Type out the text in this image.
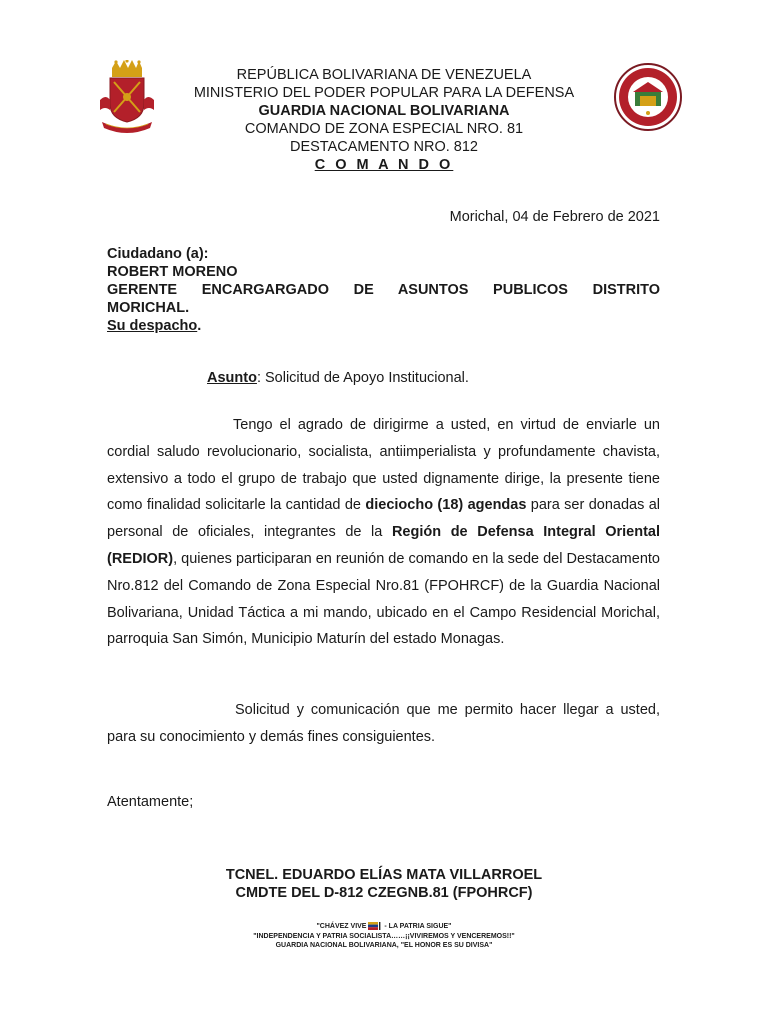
REPÚBLICA BOLIVARIANA DE VENEZUELA
MINISTERIO DEL PODER POPULAR PARA LA DEFENSA
GUARDIA NACIONAL BOLIVARIANA
COMANDO DE ZONA ESPECIAL NRO. 81
DESTACAMENTO NRO. 812
C O M A N D O
Morichal, 04 de Febrero de 2021
Ciudadano (a):
ROBERT MORENO
GERENTE ENCARGARGADO DE ASUNTOS PUBLICOS DISTRITO
MORICHAL.
Su despacho.
Asunto: Solicitud de Apoyo Institucional.
Tengo el agrado de dirigirme a usted, en virtud de enviarle un cordial saludo revolucionario, socialista, antiimperialista y profundamente chavista, extensivo a todo el grupo de trabajo que usted dignamente dirige, la presente tiene como finalidad solicitarle la cantidad de dieciocho (18) agendas para ser donadas al personal de oficiales, integrantes de la Región de Defensa Integral Oriental (REDIOR), quienes participaran en reunión de comando en la sede del Destacamento Nro.812 del Comando de Zona Especial Nro.81 (FPOHRCF) de la Guardia Nacional Bolivariana, Unidad Táctica a mi mando, ubicado en el Campo Residencial Morichal, parroquia San Simón, Municipio Maturín del estado Monagas.
Solicitud y comunicación que me permito hacer llegar a usted, para su conocimiento y demás fines consiguientes.
Atentamente;
TCNEL. EDUARDO ELÍAS MATA VILLARROEL
CMDTE DEL D-812 CZEGNB.81 (FPOHRCF)
"CHÁVEZ VIVE	- LA PATRIA SIGUE"
"INDEPENDENCIA Y PATRIA SOCIALISTA……¡¡VIVIREMOS Y VENCEREMOS!!"
GUARDIA NACIONAL BOLIVARIANA, "EL HONOR ES SU DIVISA"
